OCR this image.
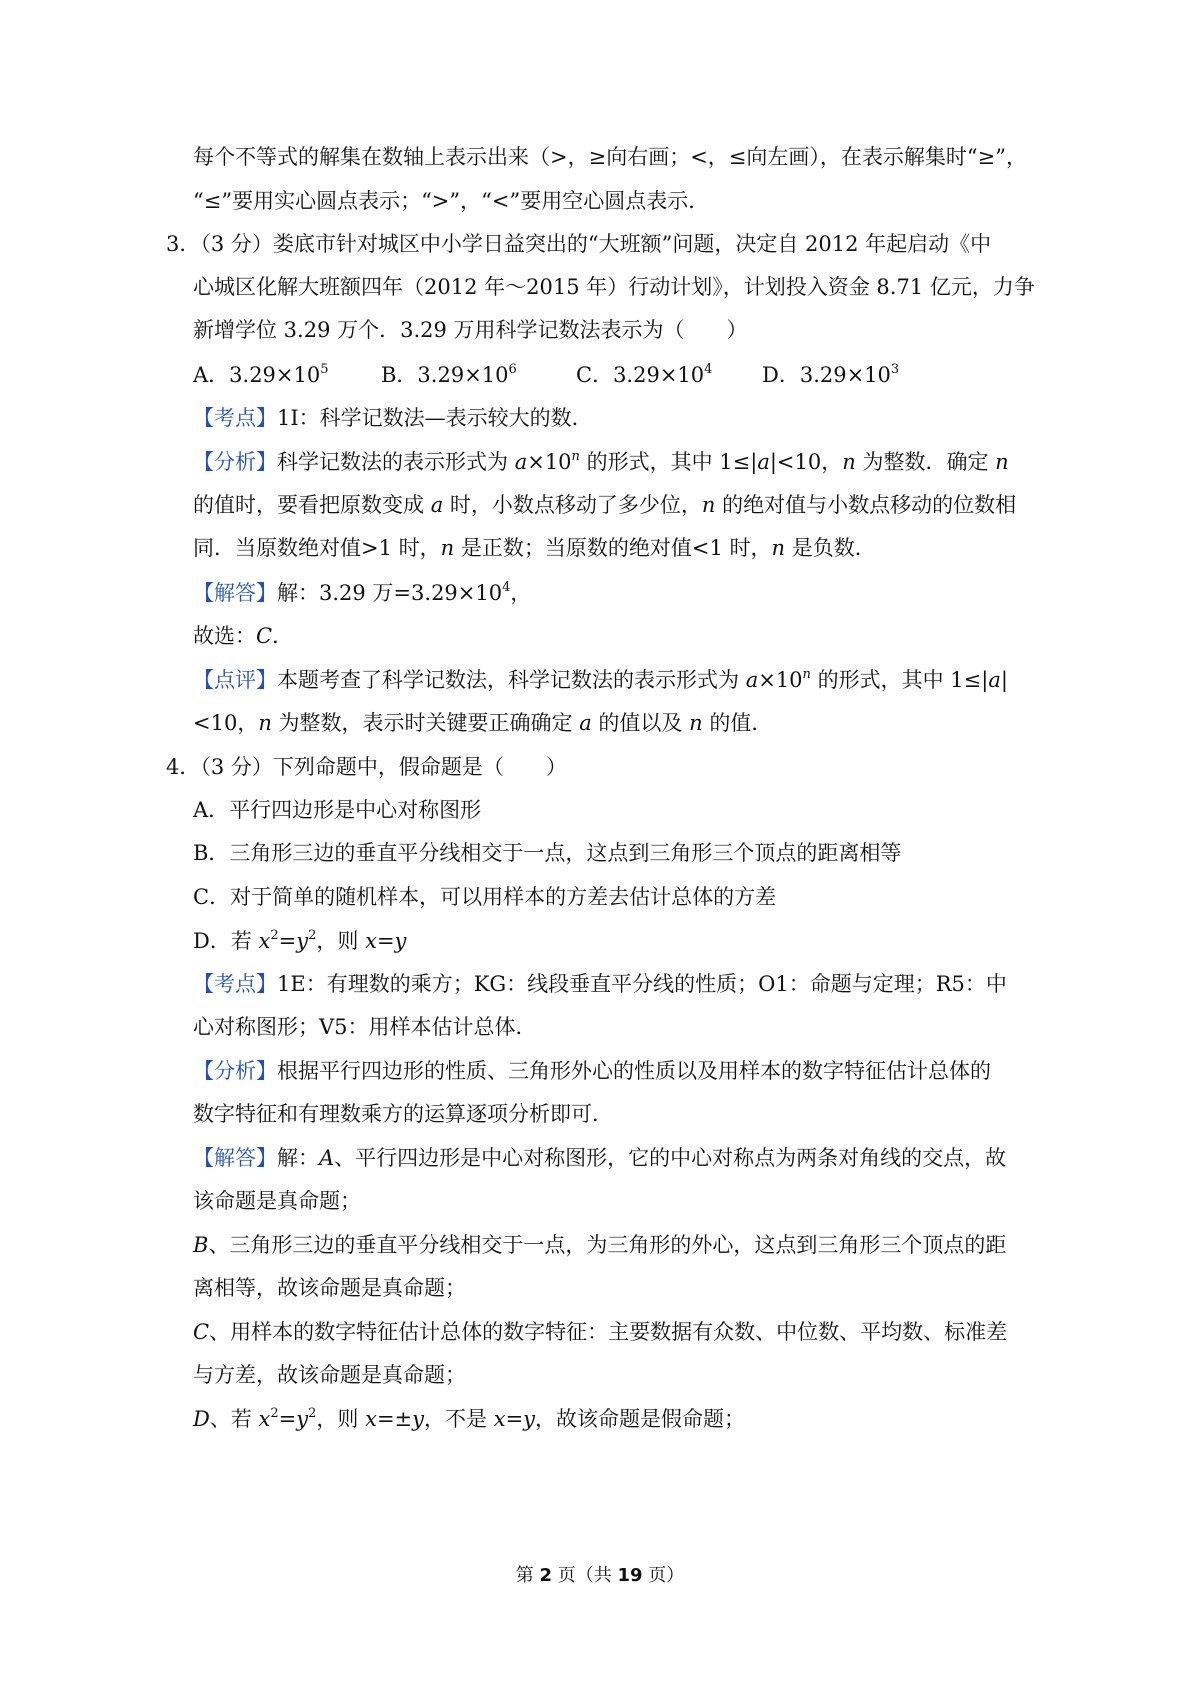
每个不等式的解集在数轴上表示出来（>，≥向右画；<，≤向左画），在表示解集时“≥”，
“≤”要用实心圆点表示；“>”，“<”要用空心圆点表示．
3．（3 分）娄底市针对城区中小学日益突出的“大班额”问题，决定自 2012 年起启动《中
心城区化解大班额四年（2012 年～2015 年）行动计划》，计划投入资金 8.71 亿元，力争
新增学位 3.29 万个．3.29 万用科学记数法表示为（　　）
A．$3.29\times 10^5$ B．$3.29\times 10^6$	C．$3.29\times 10^4$ D．$3.29\times 10^3$
【考点】1I：科学记数法—表示较大的数．
【分析】科学记数法的表示形式为 $a\times 10^n$ 的形式，其中 1≤|a|<10，n 为整数．确定 n
的值时，要看把原数变成 a 时，小数点移动了多少位，n 的绝对值与小数点移动的位数相
同．当原数绝对值>1 时，n 是正数；当原数的绝对值<1 时，n 是负数．
【解答】解：3.29 万$=3.29\times 10^4$，
故选：C．
【点评】本题考查了科学记数法，科学记数法的表示形式为 $a\times 10^n$ 的形式，其中 1≤|a|
<10，n 为整数，表示时关键要正确确定 a 的值以及 n 的值．
4．（3 分）下列命题中，假命题是（　　）
A．平行四边形是中心对称图形
B．三角形三边的垂直平分线相交于一点，这点到三角形三个顶点的距离相等
C．对于简单的随机样本，可以用样本的方差去估计总体的方差
D．若 $x^2=y^2$，则 x=y
【考点】1E：有理数的乘方；KG：线段垂直平分线的性质；O1：命题与定理；R5：中
心对称图形；V5：用样本估计总体．
【分析】根据平行四边形的性质、三角形外心的性质以及用样本的数字特征估计总体的
数字特征和有理数乘方的运算逐项分析即可．
【解答】解：A、平行四边形是中心对称图形，它的中心对称点为两条对角线的交点，故
该命题是真命题；
B、三角形三边的垂直平分线相交于一点，为三角形的外心，这点到三角形三个顶点的距
离相等，故该命题是真命题；
C、用样本的数字特征估计总体的数字特征：主要数据有众数、中位数、平均数、标准差
与方差，故该命题是真命题；
D、若 $x^2=y^2$，则 x=±y，不是 x=y，故该命题是假命题；
第 2 页（共 19 页）
